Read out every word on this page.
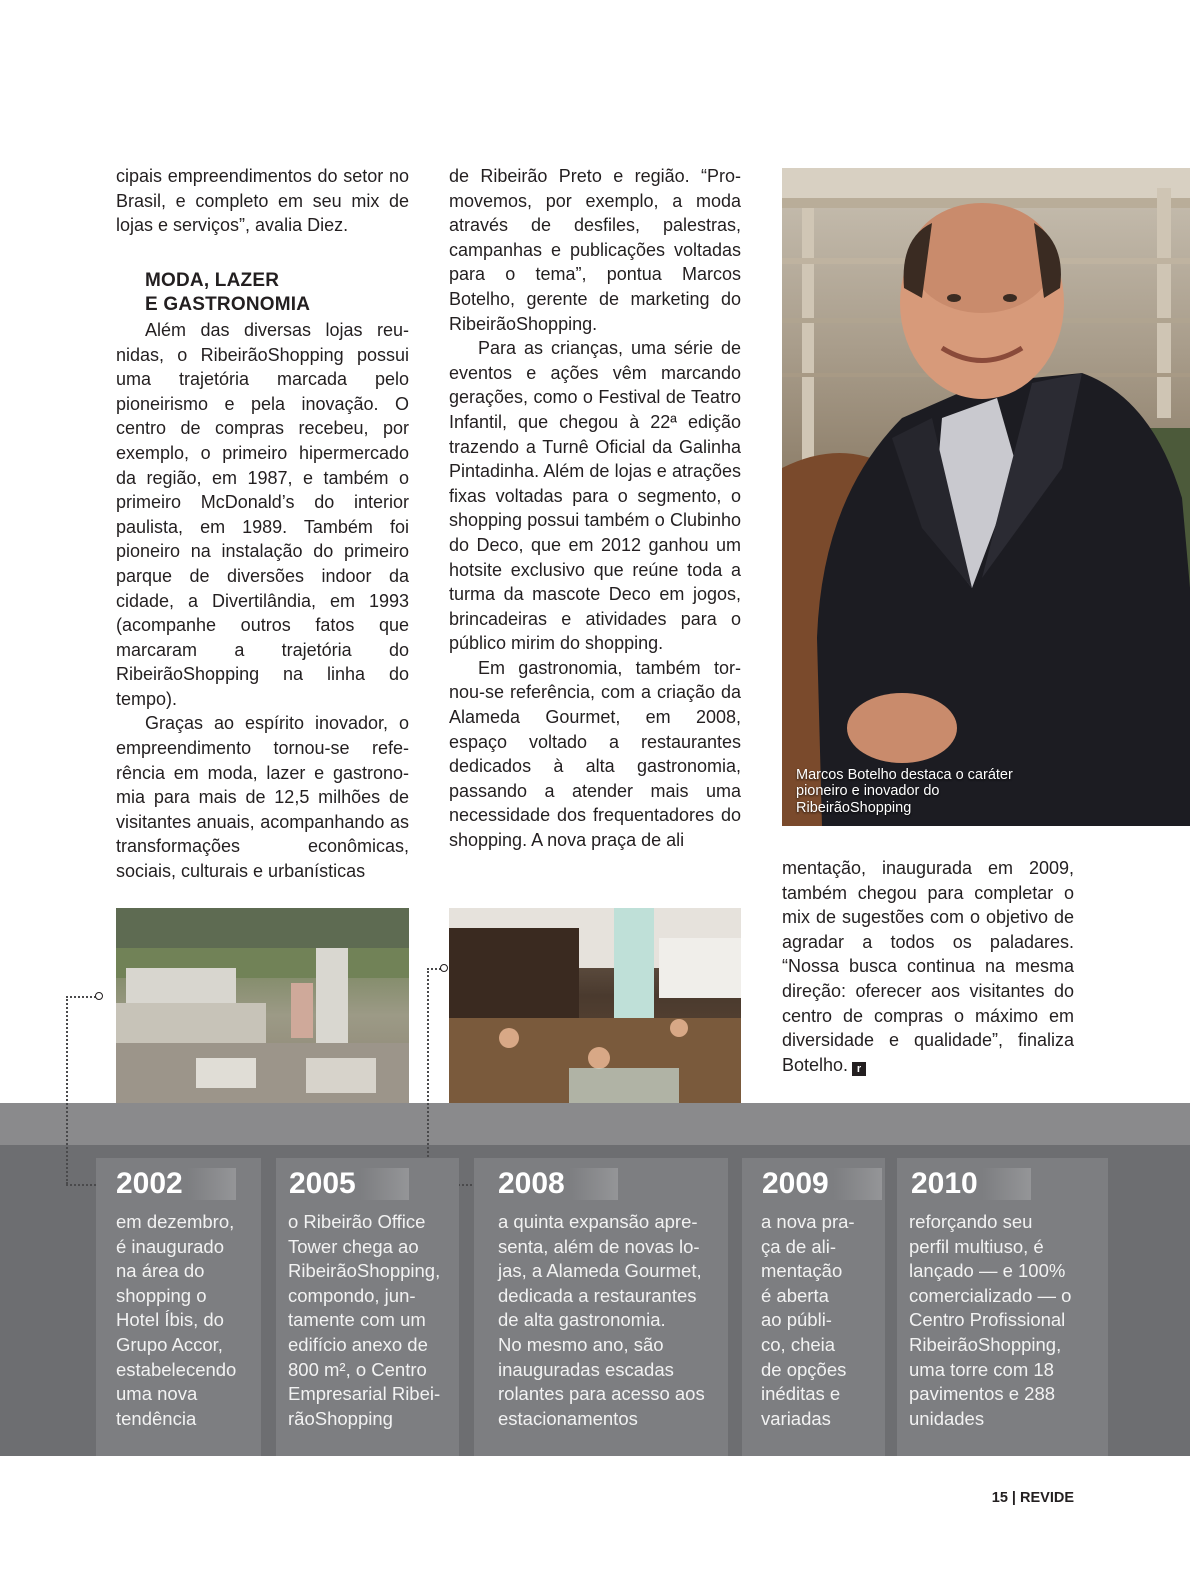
cipais empreendimentos do setor no Brasil, e completo em seu mix de lojas e serviços”, avalia Diez.

MODA, LAZER
E GASTRONOMIA

Além das diversas lojas reunidas, o RibeirãoShopping possui uma trajetória marcada pelo pioneirismo e pela inovação. O centro de compras recebeu, por exemplo, o primeiro hipermercado da região, em 1987, e também o primeiro McDonald’s do interior paulista, em 1989. Também foi pioneiro na instalação do primeiro parque de diversões indoor da cidade, a Divertilândia, em 1993 (acompanhe outros fatos que marcaram a trajetória do RibeirãoShopping na linha do tempo).

Graças ao espírito inovador, o empreendimento tornou-se referência em moda, lazer e gastronomia para mais de 12,5 milhões de visitantes anuais, acompanhando as transformações econômicas, sociais, culturais e urbanísticas

de Ribeirão Preto e região. “Promovemos, por exemplo, a moda através de desfiles, palestras, campanhas e publicações voltadas para o tema”, pontua Marcos Botelho, gerente de marketing do RibeirãoShopping.

Para as crianças, uma série de eventos e ações vêm marcando gerações, como o Festival de Teatro Infantil, que chegou à 22ª edição trazendo a Turnê Oficial da Galinha Pintadinha. Além de lojas e atrações fixas voltadas para o segmento, o shopping possui também o Clubinho do Deco, que em 2012 ganhou um hotsite exclusivo que reúne toda a turma da mascote Deco em jogos, brincadeiras e atividades para o público mirim do shopping.

Em gastronomia, também tornou-se referência, com a criação da Alameda Gourmet, em 2008, espaço voltado a restaurantes dedicados à alta gastronomia, passando a atender mais uma necessidade dos frequentadores do shopping. A nova praça de ali

mentação, inaugurada em 2009, também chegou para completar o mix de sugestões com o objetivo de agradar a todos os paladares. “Nossa busca continua na mesma direção: oferecer aos visitantes do centro de compras o máximo em diversidade e qualidade”, finaliza Botelho. r

Marcos Botelho destaca o caráter pioneiro e inovador do RibeirãoShopping
2002
em dezembro,
é inaugurado
na área do
shopping o
Hotel Íbis, do
Grupo Accor,
estabelecendo
uma nova
tendência
2005
o Ribeirão Office
Tower chega ao
RibeirãoShopping,
compondo, jun-
tamente com um
edifício anexo de
800 m², o Centro
Empresarial Ribei-
rãoShopping
2008
a quinta expansão apre-
senta, além de novas lo-
jas, a Alameda Gourmet,
dedicada a restaurantes
de alta gastronomia.
No mesmo ano, são
inauguradas escadas
rolantes para acesso aos
estacionamentos
2009
a nova pra-
ça de ali-
mentação
é aberta
ao públi-
co, cheia
de opções
inéditas e
variadas
2010
reforçando seu
perfil multiuso, é
lançado — e 100%
comercializado — o
Centro Profissional
RibeirãoShopping,
uma torre com 18
pavimentos e 288
unidades
15 | REVIDE
